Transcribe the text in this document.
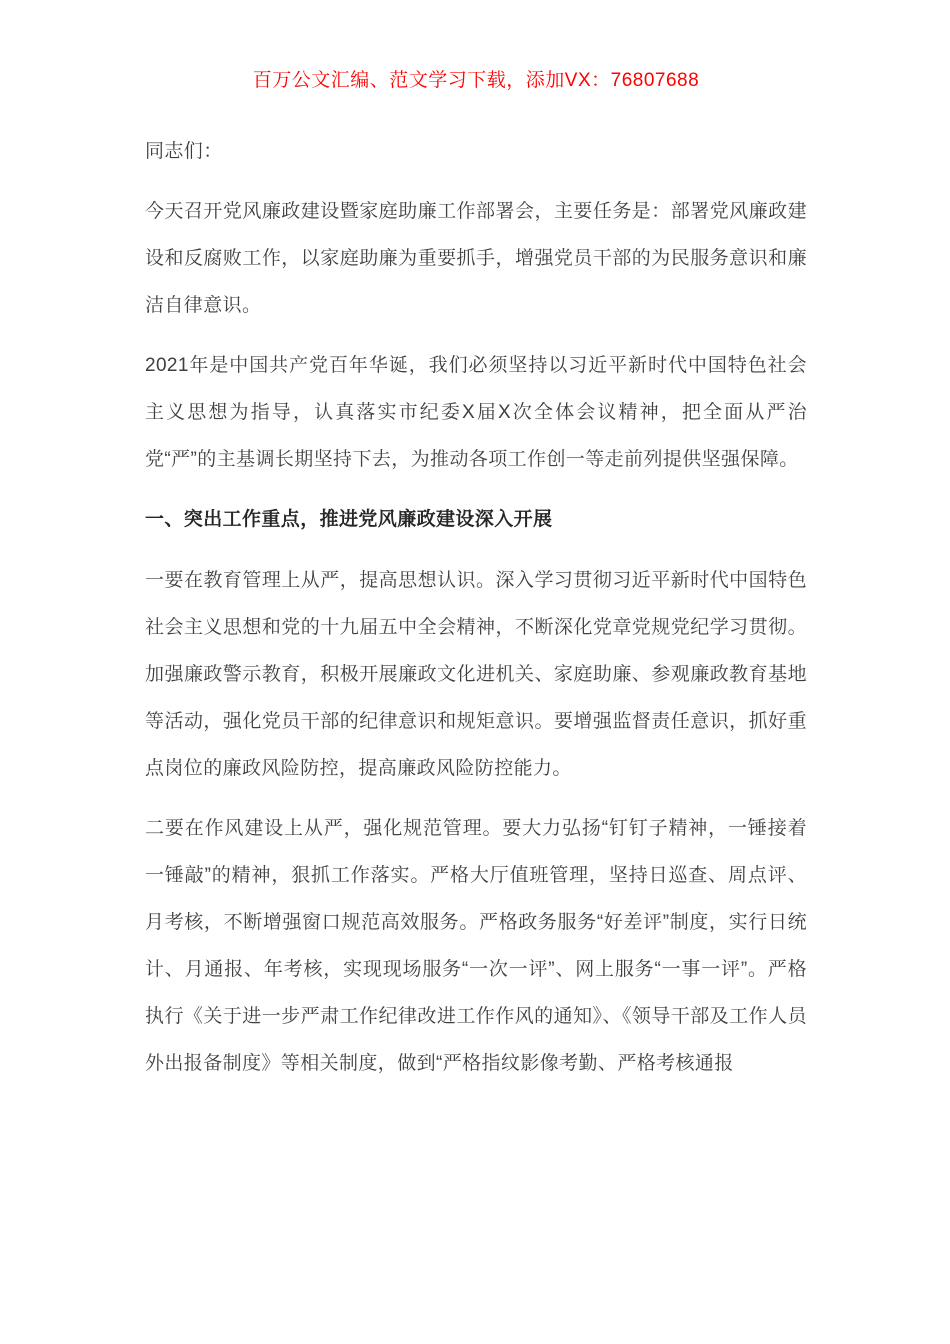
百万公文汇编、范文学习下载，添加VX：76807688

同志们：

今天召开党风廉政建设暨家庭助廉工作部署会，主要任务是：部署党风廉政建设和反腐败工作，以家庭助廉为重要抓手，增强党员干部的为民服务意识和廉洁自律意识。

2021年是中国共产党百年华诞，我们必须坚持以习近平新时代中国特色社会主义思想为指导，认真落实市纪委X届X次全体会议精神，把全面从严治党“严”的主基调长期坚持下去，为推动各项工作创一等走前列提供坚强保障。

一、突出工作重点，推进党风廉政建设深入开展

一要在教育管理上从严，提高思想认识。深入学习贯彻习近平新时代中国特色社会主义思想和党的十九届五中全会精神，不断深化党章党规党纪学习贯彻。加强廉政警示教育，积极开展廉政文化进机关、家庭助廉、参观廉政教育基地等活动，强化党员干部的纪律意识和规矩意识。要增强监督责任意识，抓好重点岗位的廉政风险防控，提高廉政风险防控能力。

二要在作风建设上从严，强化规范管理。要大力弘扬“钉钉子精神，一锤接着一锤敲”的精神，狠抓工作落实。严格大厅值班管理，坚持日巡查、周点评、月考核，不断增强窗口规范高效服务。严格政务服务“好差评”制度，实行日统计、月通报、年考核，实现现场服务“一次一评”、网上服务“一事一评”。严格执行《关于进一步严肃工作纪律改进工作作风的通知》、《领导干部及工作人员外出报备制度》等相关制度，做到“严格指纹影像考勤、严格考核通报
